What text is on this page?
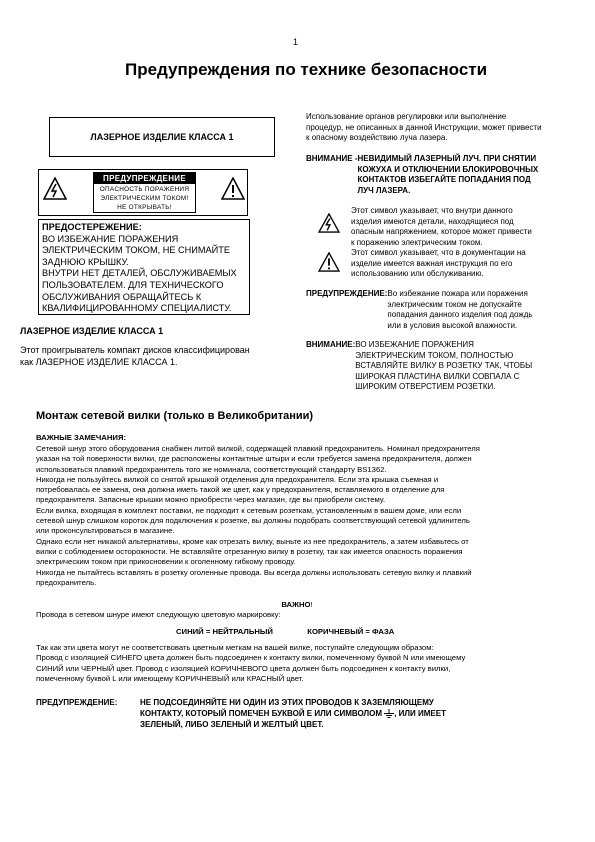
1
Предупреждения по технике безопасности
ЛАЗЕРНОЕ ИЗДЕЛИЕ КЛАССА 1
ПРЕДУПРЕЖДЕНИЕ
ОПАСНОСТЬ ПОРАЖЕНИЯ
ЭЛЕКТРИЧЕСКИМ ТОКОМ!
НЕ ОТКРЫВАТЬ!
ПРЕДОСТЕРЕЖЕНИЕ:
ВО ИЗБЕЖАНИЕ ПОРАЖЕНИЯ
ЭЛЕКТРИЧЕСКИМ ТОКОМ, НЕ СНИМАЙТЕ
ЗАДНЮЮ КРЫШКУ.
ВНУТРИ НЕТ ДЕТАЛЕЙ, ОБСЛУЖИВАЕМЫХ
ПОЛЬЗОВАТЕЛЕМ. ДЛЯ ТЕХНИЧЕСКОГО
ОБСЛУЖИВАНИЯ ОБРАЩАЙТЕСЬ К
КВАЛИФИЦИРОВАННОМУ СПЕЦИАЛИСТУ.
ЛАЗЕРНОЕ ИЗДЕЛИЕ КЛАССА 1
Этот проигрыватель компакт дисков классифицирован
как ЛАЗЕРНОЕ ИЗДЕЛИЕ КЛАССА 1.
Использование органов регулировки или выполнение
процедур, не описанных в данной Инструкции, может привести
к опасному воздействию луча лазера.
ВНИМАНИЕ - НЕВИДИМЫЙ ЛАЗЕРНЫЙ ЛУЧ. ПРИ СНЯТИИ
КОЖУХА И ОТКЛЮЧЕНИИ БЛОКИРОВОЧНЫХ
КОНТАКТОВ ИЗБЕГАЙТЕ ПОПАДАНИЯ ПОД
ЛУЧ ЛАЗЕРА.
Этот символ указывает, что внутри данного
изделия имеются детали, находящиеся под
опасным напряжением, которое может привести
к поражению электрическим током.
Этот символ указывает, что в документации на
изделие имеется важная инструкция по его
использованию или обслуживанию.
ПРЕДУПРЕЖДЕНИЕ: Во избежание пожара или поражения
электрическим током не допускайте
попадания данного изделия под дождь
или в условия высокой влажности.
ВНИМАНИЕ: ВО ИЗБЕЖАНИЕ ПОРАЖЕНИЯ
ЭЛЕКТРИЧЕСКИМ ТОКОМ, ПОЛНОСТЬЮ
ВСТАВЛЯЙТЕ ВИЛКУ В РОЗЕТКУ ТАК, ЧТОБЫ
ШИРОКАЯ ПЛАСТИНА ВИЛКИ СОВПАЛА С
ШИРОКИМ ОТВЕРСТИЕМ РОЗЕТКИ.
Монтаж сетевой вилки (только в Великобритании)
ВАЖНЫЕ ЗАМЕЧАНИЯ:
Сетевой шнур этого оборудования снабжен литой вилкой, содержащей плавкий предохранитель. Номинал предохранителя
указан на той поверхности вилки, где расположены контактные штыри и если требуется замена предохранителя, должен
использоваться плавкий предохранитель того же номинала, соответствующий стандарту BS1362.
Никогда не пользуйтесь вилкой со снятой крышкой отделения для предохранителя. Если эта крышка съемная и
потребовалась ее замена, она должна иметь такой же цвет, как у предохранителя, вставляемого в отделение для
предохранителя. Запасные крышки можно приобрести через магазин, где вы приобрели систему.
Если вилка, входящая в комплект поставки, не подходит к сетевым розеткам, установленным в вашем доме, или если
сетевой шнур слишком короток для подключения к розетке, вы должны подобрать соответствующий сетевой удлинитель
или проконсультироваться в магазине.
Однако если нет никакой альтернативы, кроме как отрезать вилку, выньте из нее предохранитель, а затем избавьтесь от
вилки с соблюдением осторожности. Не вставляйте отрезанную вилку в розетку, так как имеется опасность поражения
электрическим током при прикосновении к оголенному гибкому проводу.
Никогда не пытайтесь вставлять в розетку оголенные провода. Вы всегда должны использовать сетевую вилку и плавкий
предохранитель.
ВАЖНО!
Провода в сетевом шнуре имеют следующую цветовую маркировку:
СИНИЙ = НЕЙТРАЛЬНЫЙ	КОРИЧНЕВЫЙ = ФАЗА
Так как эти цвета могут не соответствовать цветным меткам на вашей вилке, поступайте следующим образом:
Провод с изоляцией СИНЕГО цвета должен быть подсоединен к контакту вилки, помеченному буквой N или имеющему
СИНИЙ или ЧЕРНЫЙ цвет. Провод с изоляцией КОРИЧНЕВОГО цвета должен быть подсоединен к контакту вилки,
помеченному буквой L или имеющему КОРИЧНЕВЫЙ или КРАСНЫЙ цвет.
ПРЕДУПРЕЖДЕНИЕ:	НЕ ПОДСОЕДИНЯЙТЕ НИ ОДИН ИЗ ЭТИХ ПРОВОДОВ К ЗАЗЕМЛЯЮЩЕМУ
КОНТАКТУ, КОТОРЫЙ ПОМЕЧЕН БУКВОЙ Е ИЛИ СИМВОЛОМ , ИЛИ ИМЕЕТ
ЗЕЛЕНЫЙ, ЛИБО ЗЕЛЕНЫЙ И ЖЕЛТЫЙ ЦВЕТ.
